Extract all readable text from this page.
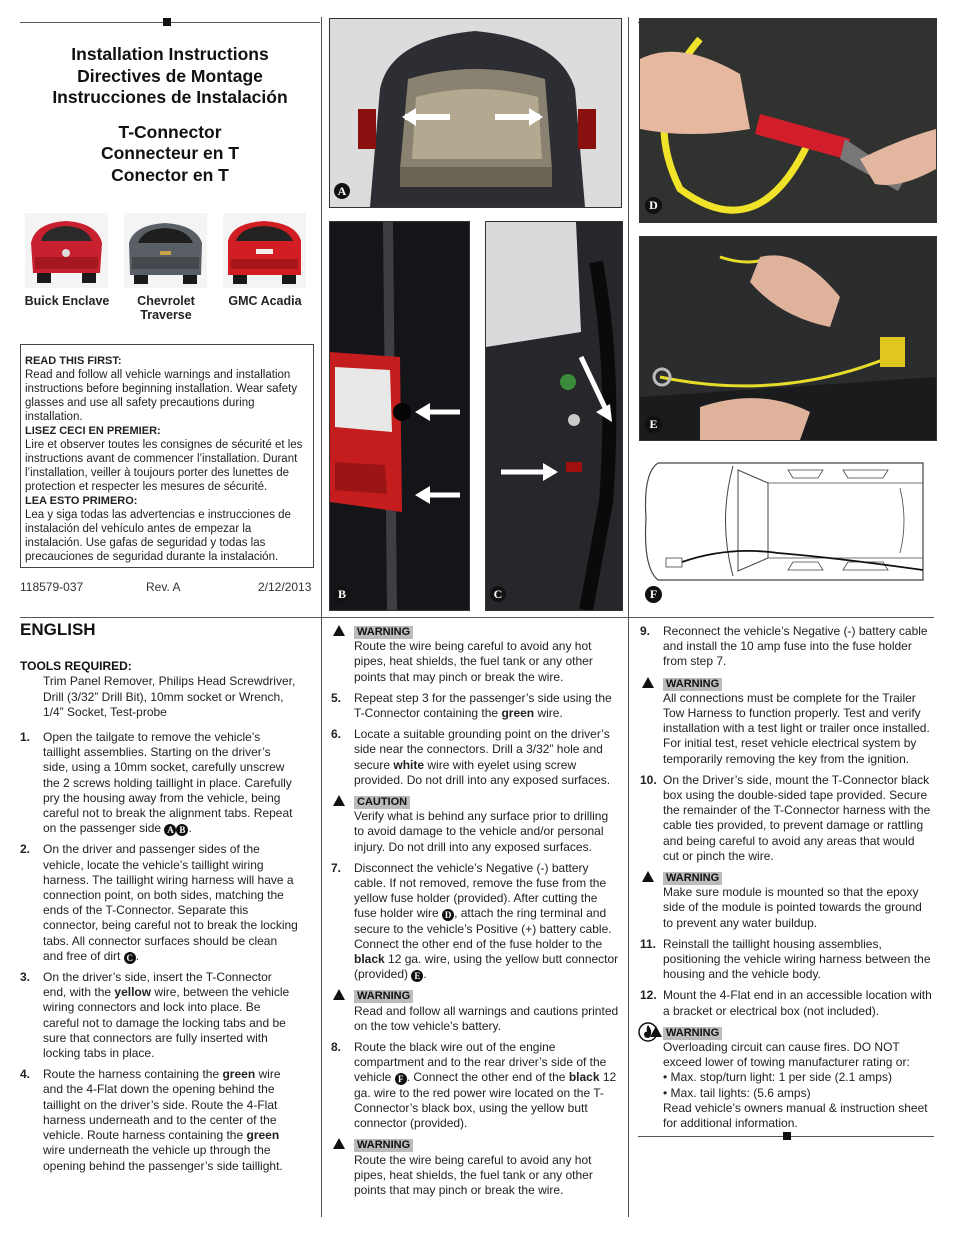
Installation Instructions
Directives de Montage
Instrucciones de Instalación
T-Connector
Connecteur en T
Conector en T
Buick Enclave	Chevrolet Traverse
GMC Acadia

READ THIS FIRST:

Read and follow all vehicle warnings and installation instructions before beginning installation. Wear safety glasses and use all safety precautions during installation.

LISEZ CECI EN PREMIER:

Lire et observer toutes les consignes de sécurité et les instructions avant de commencer l’installation. Durant l’installation, veiller à toujours porter des lunettes de protection et respecter les mesures de sécurité.

LEA ESTO PRIMERO:

Lea y siga todas las advertencias e instrucciones de instalación del vehículo antes de empezar la instalación. Use gafas de seguridad y todas las precauciones de seguridad durante la instalación.

118579-037	Rev. A	2/12/2013
A
B	C
D
E
F
ENGLISH
TOOLS REQUIRED:
Trim Panel Remover, Philips Head Screwdriver, Drill (3/32” Drill Bit), 10mm socket or Wrench, 1/4” Socket, Test-probe
1. Open the tailgate to remove the vehicle’s taillight assemblies. Starting on the driver’s side, using a 10mm socket, carefully unscrew the 2 screws holding taillight in place. Carefully pry the housing away from the vehicle, being careful not to break the alignment tabs. Repeat on the passenger side A B .
2. On the driver and passenger sides of the vehicle, locate the vehicle’s taillight wiring harness. The taillight wiring harness will have a connection point, on both sides, matching the ends of the T-Connector. Separate this connector, being careful not to break the locking tabs. All connector surfaces should be clean and free of dirt C .
3. On the driver’s side, insert the T-Connector end, with the yellow wire, between the vehicle wiring connectors and lock into place. Be careful not to damage the locking tabs and be sure that connectors are fully inserted with locking tabs in place.
4. Route the harness containing the green wire and the 4-Flat down the opening behind the taillight on the driver’s side. Route the 4-Flat harness underneath and to the center of the vehicle. Route harness containing the green wire underneath the vehicle up through the opening behind the passenger’s side taillight.
WARNING
Route the wire being careful to avoid any hot pipes, heat shields, the fuel tank or any other points that may pinch or break the wire.
5. Repeat step 3 for the passenger’s side using the T-Connector containing the green wire.
6. Locate a suitable grounding point on the driver’s side near the connectors. Drill a 3/32” hole and secure white wire with eyelet using screw provided. Do not drill into any exposed surfaces.
CAUTION
Verify what is behind any surface prior to drilling to avoid damage to the vehicle and/or personal injury. Do not drill into any exposed surfaces.
7. Disconnect the vehicle’s Negative (-) battery cable. If not removed, remove the fuse from the yellow fuse holder (provided). After cutting the fuse holder wire D , attach the ring terminal and secure to the vehicle’s Positive (+) battery cable. Connect the other end of the fuse holder to the black 12 ga. wire, using the yellow butt connector (provided) E .
WARNING
Read and follow all warnings and cautions printed on the tow vehicle’s battery.
8. Route the black wire out of the engine compartment and to the rear driver’s side of the vehicle F . Connect the other end of the black 12 ga. wire to the red power wire located on the T-Connector’s black box, using the yellow butt connector (provided).
WARNING
Route the wire being careful to avoid any hot pipes, heat shields, the fuel tank or any other points that may pinch or break the wire.
9. Reconnect the vehicle’s Negative (-) battery cable and install the 10 amp fuse into the fuse holder from step 7.
WARNING
All connections must be complete for the Trailer Tow Harness to function properly. Test and verify installation with a test light or trailer once installed. For initial test, reset vehicle electrical system by temporarily removing the key from the ignition.
10. On the Driver’s side, mount the T-Connector black box using the double-sided tape provided. Secure the remainder of the T-Connector harness with the cable ties provided, to prevent damage or rattling and being careful to avoid any areas that would cut or pinch the wire.
WARNING
Make sure module is mounted so that the epoxy side of the module is pointed towards the ground to prevent any water buildup.
11. Reinstall the taillight housing assemblies, positioning the vehicle wiring harness between the housing and the vehicle body.
12. Mount the 4-Flat end in an accessible location with a bracket or electrical box (not included).
WARNING
Overloading circuit can cause fires. DO NOT exceed lower of towing manufacturer rating or:
• Max. stop/turn light: 1 per side (2.1 amps)
• Max. tail lights: (5.6 amps)
Read vehicle’s owners manual & instruction sheet for additional information.
